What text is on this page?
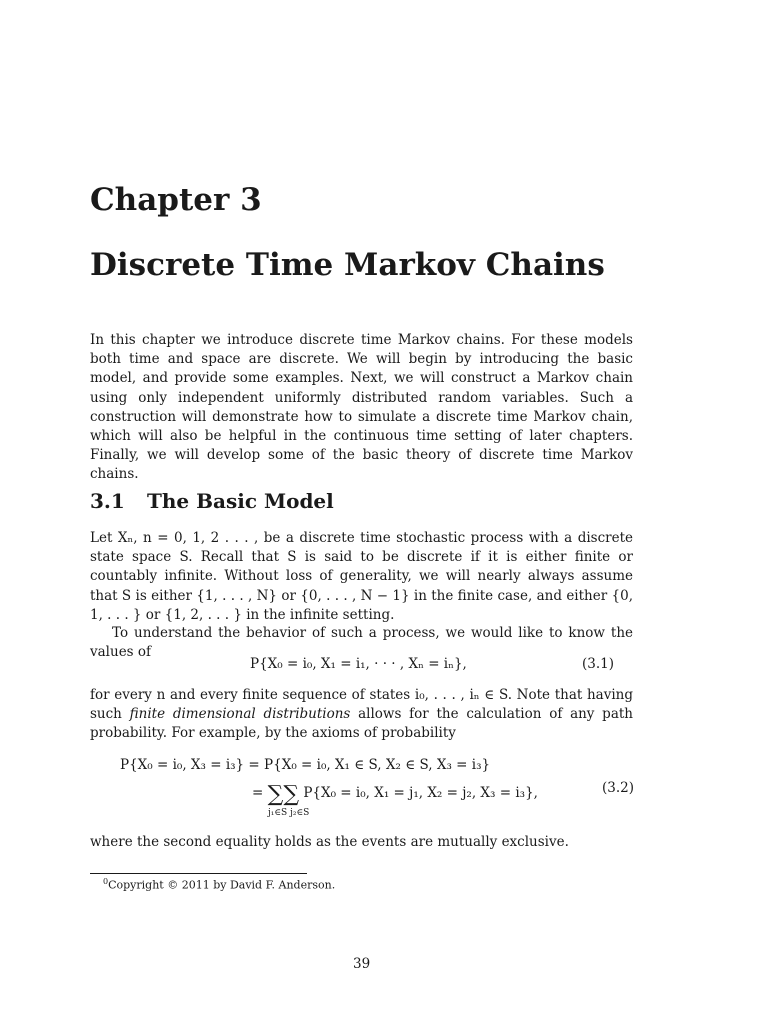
Chapter 3
Discrete Time Markov Chains

In this chapter we introduce discrete time Markov chains. For these models both time and space are discrete. We will begin by introducing the basic model, and provide some examples. Next, we will construct a Markov chain using only independent uniformly distributed random variables. Such a construction will demonstrate how to simulate a discrete time Markov chain, which will also be helpful in the continuous time setting of later chapters. Finally, we will develop some of the basic theory of discrete time Markov chains.

3.1 The Basic Model

Let Xₙ, n = 0, 1, 2 . . . , be a discrete time stochastic process with a discrete state space S. Recall that S is said to be discrete if it is either finite or countably infinite. Without loss of generality, we will nearly always assume that S is either {1, . . . , N} or {0, . . . , N − 1} in the finite case, and either {0, 1, . . . } or {1, 2, . . . } in the infinite setting.

To understand the behavior of such a process, we would like to know the values of

P{X₀ = i₀, X₁ = i₁, · · · , Xₙ = iₙ},	(3.1)

for every n and every finite sequence of states i₀, . . . , iₙ ∈ S. Note that having such finite dimensional distributions allows for the calculation of any path probability. For example, by the axioms of probability

P{X₀ = i₀, X₃ = i₃} = P{X₀ = i₀, X₁ ∈ S, X₂ ∈ S, X₃ = i₃}
= ∑∑ P{X₀ = i₀, X₁ = j₁, X₂ = j₂, X₃ = i₃},
j₁∈S j₂∈S
(3.2)

where the second equality holds as the events are mutually exclusive.

$^0$Copyright © 2011 by David F. Anderson.
39
